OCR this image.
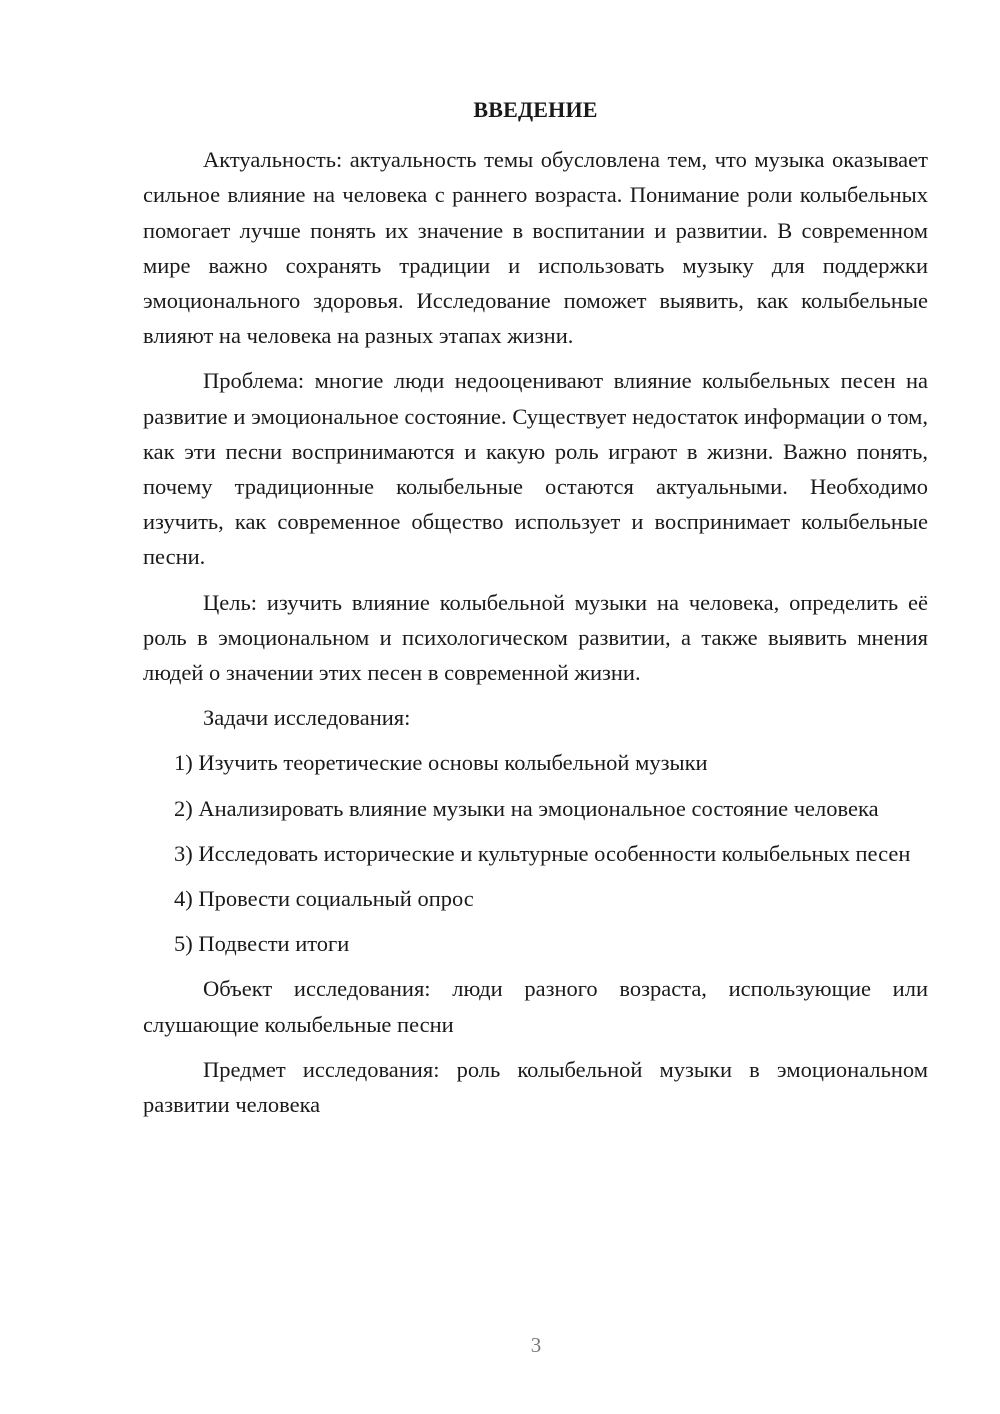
ВВЕДЕНИЕ

Актуальность: актуальность темы обусловлена тем, что музыка оказывает сильное влияние на человека с раннего возраста. Понимание роли колыбельных помогает лучше понять их значение в воспитании и развитии. В современном мире важно сохранять традиции и использовать музыку для поддержки эмоционального здоровья. Исследование поможет выявить, как колыбельные влияют на человека на разных этапах жизни.

Проблема: многие люди недооценивают влияние колыбельных песен на развитие и эмоциональное состояние. Существует недостаток информации о том, как эти песни воспринимаются и какую роль играют в жизни. Важно понять, почему традиционные колыбельные остаются актуальными. Необходимо изучить, как современное общество использует и воспринимает колыбельные песни.

Цель: изучить влияние колыбельной музыки на человека, определить её роль в эмоциональном и психологическом развитии, а также выявить мнения людей о значении этих песен в современной жизни.

Задачи исследования:

1) Изучить теоретические основы колыбельной музыки

2) Анализировать влияние музыки на эмоциональное состояние человека

3) Исследовать исторические и культурные особенности колыбельных песен

4) Провести социальный опрос

5) Подвести итоги

Объект исследования: люди разного возраста, использующие или слушающие колыбельные песни

Предмет исследования: роль колыбельной музыки в эмоциональном развитии человека

3
